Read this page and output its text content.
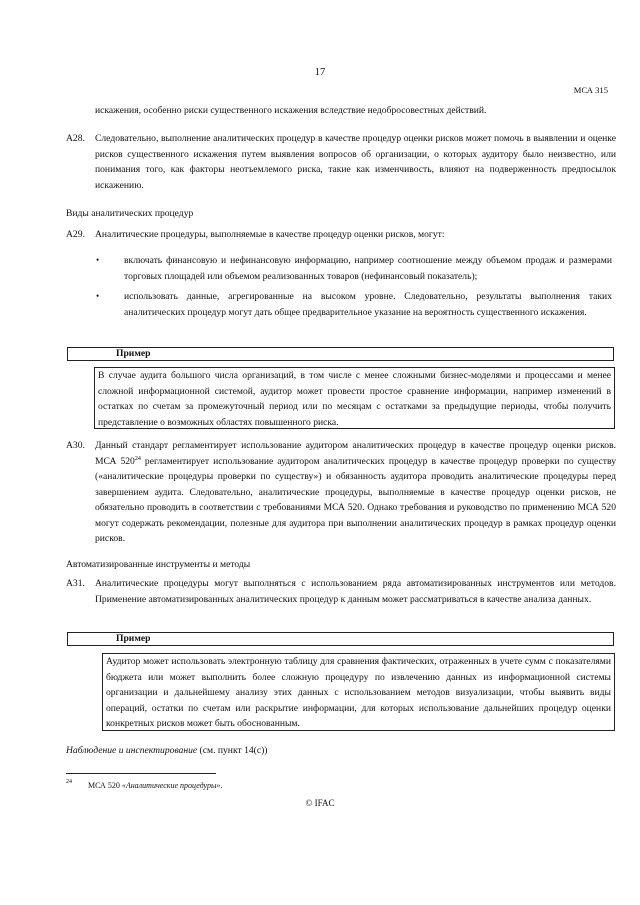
17
МСА 315
искажения, особенно риски существенного искажения вследствие недобросовестных действий.
A28. Следовательно, выполнение аналитических процедур в качестве процедур оценки рисков может помочь в выявлении и оценке рисков существенного искажения путем выявления вопросов об организации, о которых аудитору было неизвестно, или понимания того, как факторы неотъемлемого риска, такие как изменчивость, влияют на подверженность предпосылок искажению.
Виды аналитических процедур
A29. Аналитические процедуры, выполняемые в качестве процедур оценки рисков, могут:
•	включать финансовую и нефинансовую информацию, например соотношение между объемом продаж и размерами торговых площадей или объемом реализованных товаров (нефинансовый показатель);
•	использовать данные, агрегированные на высоком уровне. Следовательно, результаты выполнения таких аналитических процедур могут дать общее предварительное указание на вероятность существенного искажения.
Пример
В случае аудита большого числа организаций, в том числе с менее сложными бизнес-моделями и процессами и менее сложной информационной системой, аудитор может провести простое сравнение информации, например изменений в остатках по счетам за промежуточный период или по месяцам с остатками за предыдущие периоды, чтобы получить представление о возможных областях повышенного риска.
A30. Данный стандарт регламентирует использование аудитором аналитических процедур в качестве процедур оценки рисков. МСА $520^{24}$ регламентирует использование аудитором аналитических процедур в качестве процедур проверки по существу («аналитические процедуры проверки по существу») и обязанность аудитора проводить аналитические процедуры перед завершением аудита. Следовательно, аналитические процедуры, выполняемые в качестве процедур оценки рисков, не обязательно проводить в соответствии с требованиями МСА 520. Однако требования и руководство по применению МСА 520 могут содержать рекомендации, полезные для аудитора при выполнении аналитических процедур в рамках процедур оценки рисков.
Автоматизированные инструменты и методы
A31. Аналитические процедуры могут выполняться с использованием ряда автоматизированных инструментов или методов. Применение автоматизированных аналитических процедур к данным может рассматриваться в качестве анализа данных.
Пример
Аудитор может использовать электронную таблицу для сравнения фактических, отраженных в учете сумм с показателями бюджета или может выполнить более сложную процедуру по извлечению данных из информационной системы организации и дальнейшему анализу этих данных с использованием методов визуализации, чтобы выявить виды операций, остатки по счетам или раскрытие информации, для которых использование дальнейших процедур оценки конкретных рисков может быть обоснованным.
Наблюдение и инспектирование (см. пункт 14(c))
24 МСА 520 «Аналитические процедуры».
© IFAC
